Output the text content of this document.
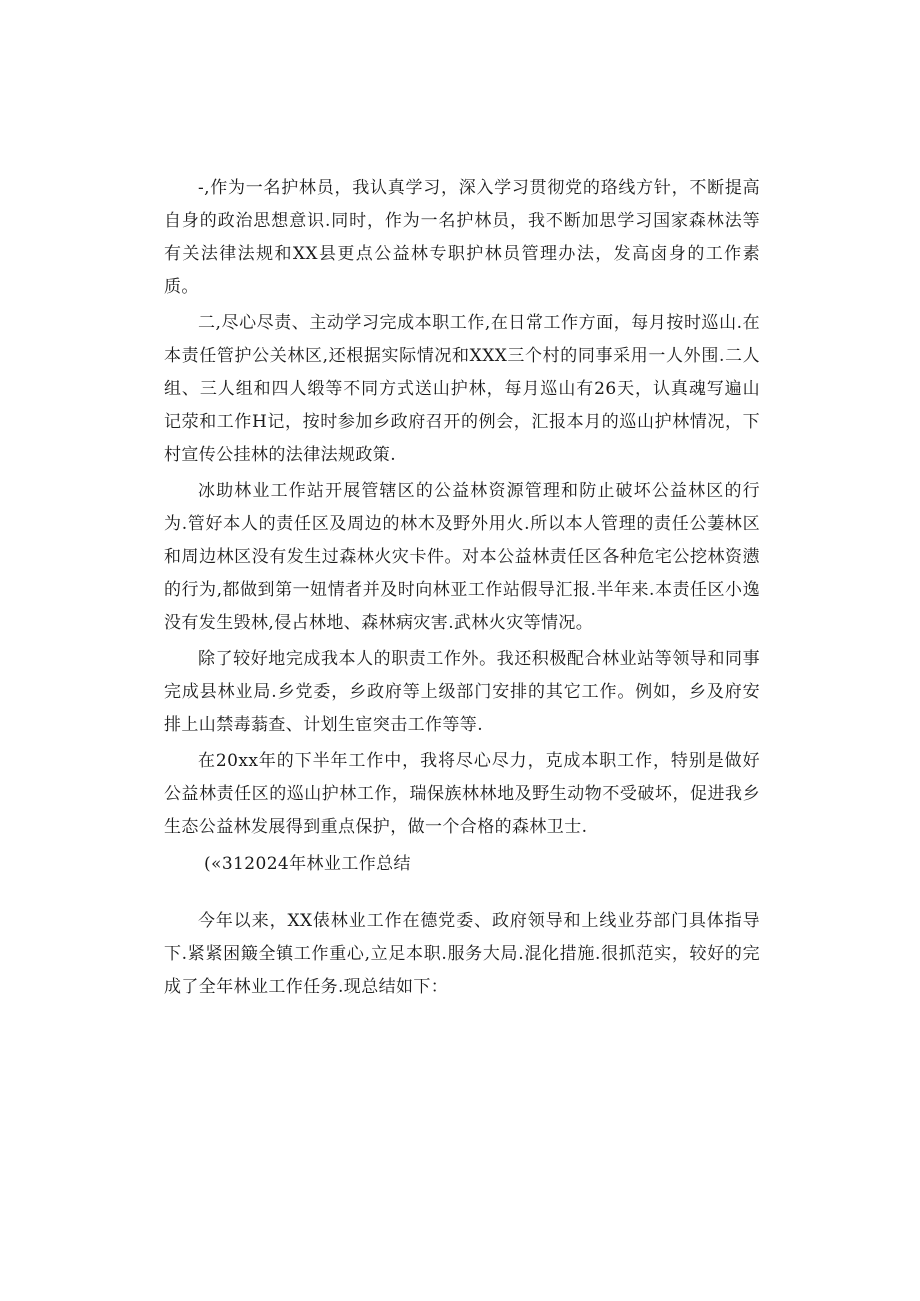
-,作为一名护林员，我认真学习，深入学习贯彻党的珞线方针，不断提高自身的政治思想意识.同时，作为一名护林员，我不断加思学习国家森林法等有关法律法规和XX县更点公益林专职护林员管理办法，发高卤身的工作素质。

二,尽心尽责、主动学习完成本职工作,在日常工作方面，每月按时巡山.在本责任管护公关林区,还根据实际情况和XXX三个村的同事采用一人外围.二人组、三人组和四人缎等不同方式送山护林，每月巡山有26天，认真魂写遍山记荥和工作H记，按时参加乡政府召开的例会，汇报本月的巡山护林情况，下村宣传公挂林的法律法规政策.

冰助林业工作站开展管辖区的公益林资源管理和防止破坏公益林区的行为.管好本人的责任区及周边的林木及野外用火.所以本人管理的责任公萋林区和周边林区没有发生过森林火灾卡件。对本公益林责任区各种危宅公挖林资懑的行为,都做到第一妞情者并及时向林亚工作站假导汇报.半年来.本责任区小逸没有发生毁林,侵占林地、森林病灾害.武林火灾等情况。

除了较好地完成我本人的职责工作外。我还积极配合林业站等领导和同事完成县林业局.乡党委，乡政府等上级部门安排的其它工作。例如，乡及府安排上山禁毒蓊查、计划生宦突击工作等等.

在20xx年的下半年工作中，我将尽心尽力，克成本职工作，特别是做好公益林责任区的巡山护林工作，瑞保族林林地及野生动物不受破坏，促进我乡生态公益林发展得到重点保护，做一个合格的森林卫士.

(«312024年林业工作总结

今年以来，XX俵林业工作在德党委、政府领导和上线业芬部门具体指导下.紧紧困簸全镇工作重心,立足本职.服务大局.混化措施.很抓范实，较好的完成了全年林业工作任务.现总结如下：
